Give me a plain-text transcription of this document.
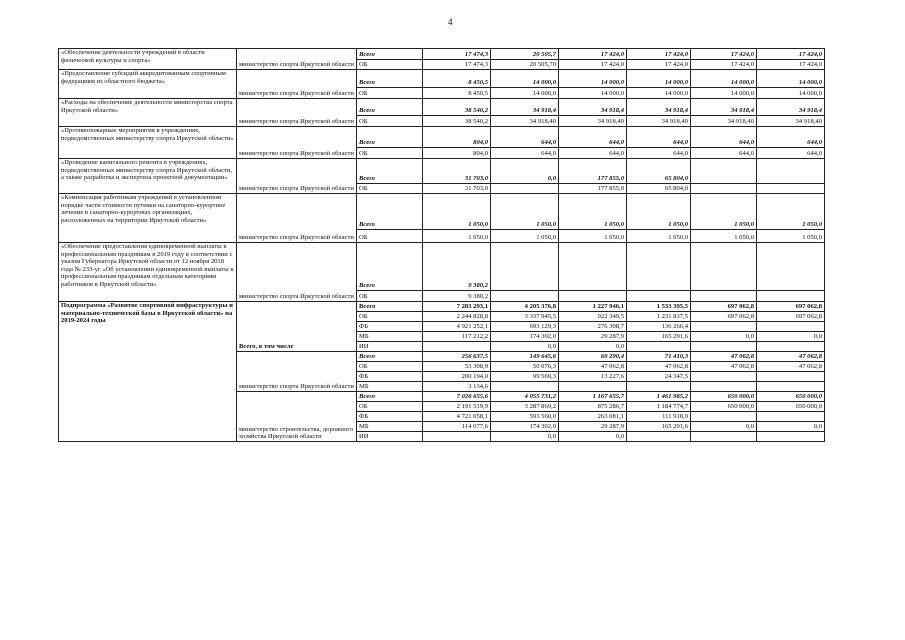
4
«Обеспечение деятельности учреждений в области физической культуры и спорта»	министерство спорта Иркутской области	Всего	17 474,3	20 505,7	17 424,0	17 424,0	17 424,0	17 424,0
		ОБ	17 474,3	20 505,70	17 424,0	17 424,0	17 424,0	17 424,0
«Предоставление субсидий аккредитованным спортивным федерациям из областного бюджета»	министерство спорта Иркутской области	Всего	8 450,5	14 000,0	14 000,0	14 000,0	14 000,0	14 000,0
		ОБ	8 450,5	14 000,0	14 000,0	14 000,0	14 000,0	14 000,0
«Расходы на обеспечение деятельности министерства спорта Иркутской области»	министерство спорта Иркутской области	Всего	38 540,2	34 918,4	34 918,4	34 918,4	34 918,4	34 918,4
		ОБ	38 540,2	34 918,40	34 918,40	34 918,40	34 918,40	34 918,40
«Противопожарные мероприятия в учреждениях, подведомственных министерству спорта Иркутской области»	министерство спорта Иркутской области	Всего	804,0	644,0	644,0	644,0	644,0	644,0
		ОБ	804,0	644,0	644,0	644,0	644,0	644,0
«Проведение капитального ремонта в учреждениях, подведомственных министерству спорта Иркутской области, а также разработка и экспертиза проектной документации»	министерство спорта Иркутской области	Всего	31 703,0	0,0	177 855,0	65 804,0		
		ОБ	31 703,0		177 855,0	65 804,0		
«Компенсация работникам учреждений в установленном порядке части стоимости путевки на санаторно-курортное лечение в санаторно-курортных организациях, расположенных на территории Иркутской области»	министерство спорта Иркутской области	Всего	1 050,0	1 050,0	1 050,0	1 050,0	1 050,0	1 050,0
		ОБ	1 050,0	1 050,0	1 050,0	1 050,0	1 050,0	1 050,0
«Обеспечение предоставления единовременной выплаты к профессиональным праздникам в 2019 году в соответствии с указом Губернатора Иркутской области от 12 ноября 2018 года № 233-уг «Об установлении единовременной выплаты к профессиональным праздникам отдельным категориям работников в Иркутской области»	министерство спорта Иркутской области	Всего	9 380,2					
		ОБ	9 380,2					
Подпрограмма «Развитие спортивной инфраструктуры и материально-технической базы в Иркутской области» на 2019-2024 годы	Всего, в том числе	Всего	7 283 293,1	4 205 376,8	1 227 946,1	1 533 395,5	697 062,8	697 062,8
		ОБ	2 244 828,8	3 337 945,5	922 349,5	1 231 837,5	697 062,8	697 062,8
		ФБ	4 921 252,1	693 129,3	276 308,7	136 266,4		
		МБ	117 212,2	174 302,0	29 287,9	165 291,6	0,0	0,0
		ИИ		0,0	0,0			
	министерство спорта Иркутской области	Всего	256 637,5	149 645,6	60 290,4	71 410,3	47 062,8	47 062,8
		ОБ	53 308,9	50 076,3	47 062,8	47 062,8	47 062,8	47 062,8
		ФБ	200 194,0	99 569,3	13 227,6	24 347,5		
		МБ	3 134,6					
	министерство строительства, дорожного хозяйства Иркутской области	Всего	7 026 655,6	4 055 731,2	1 167 655,7	1 461 985,2	650 000,0	650 000,0
		ОБ	2 191 519,9	3 287 869,2	875 286,7	1 184 774,7	650 000,0	650 000,0
		ФБ	4 721 058,1	593 560,0	263 081,1	111 918,9		
		МБ	114 077,6	174 302,0	29 287,9	165 291,6	0,0	0,0
		ИИ		0,0	0,0			
